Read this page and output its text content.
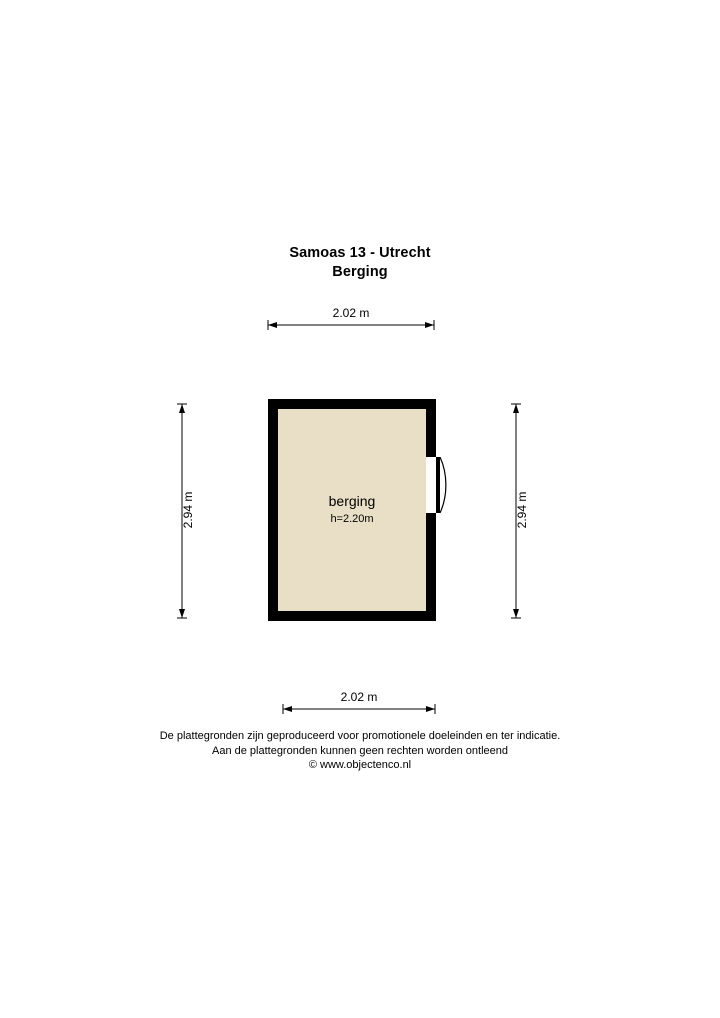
Samoas 13 - Utrecht
Berging
2.02 m
2.94 m	2.94 m
berging
h=2.20m
2.02 m
De plattegronden zijn geproduceerd voor promotionele doeleinden en ter indicatie.
Aan de plattegronden kunnen geen rechten worden ontleend
© www.objectenco.nl
